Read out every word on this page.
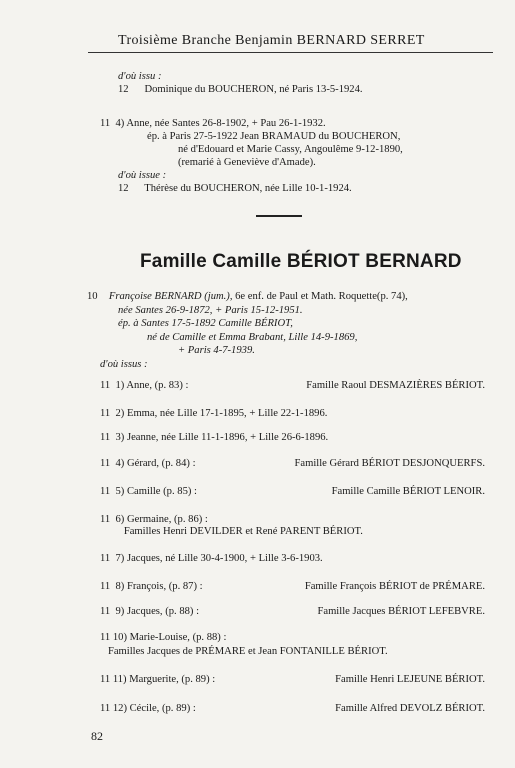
Troisième Branche Benjamin BERNARD SERRET
d'où issu :
12      Dominique du BOUCHERON, né Paris 13-5-1924.
11  4) Anne, née Santes 26-8-1902, + Pau 26-1-1932.
ép. à Paris 27-5-1922 Jean BRAMAUD du BOUCHERON,
né d'Edouard et Marie Cassy, Angoulême 9-12-1890,
(remarié à Geneviève d'Amade).
d'où issue :
12      Thérèse du BOUCHERON, née Lille 10-1-1924.
Famille Camille BÉRIOT BERNARD
10 Françoise BERNARD (jum.), 6e enf. de Paul et Math. Roquette(p. 74),
née Santes 26-9-1872, + Paris 15-12-1951.
ép. à Santes 17-5-1892 Camille BÉRIOT,
né de Camille et Emma Brabant, Lille 14-9-1869,
+ Paris 4-7-1939.
d'où issus :
11  1) Anne, (p. 83) :	Famille Raoul DESMAZIÈRES BÉRIOT.
11  2) Emma, née Lille 17-1-1895, + Lille 22-1-1896.
11  3) Jeanne, née Lille 11-1-1896, + Lille 26-6-1896.
11  4) Gérard, (p. 84) :	Famille Gérard BÉRIOT DESJONQUERFS.
11  5) Camille (p. 85) :	Famille Camille BÉRIOT LENOIR.
11  6) Germaine, (p. 86) :
Familles Henri DEVILDER et René PARENT BÉRIOT.
11  7) Jacques, né Lille 30-4-1900, + Lille 3-6-1903.
11  8) François, (p. 87) :	Famille François BÉRIOT de PRÉMARE.
11  9) Jacques, (p. 88) :	Famille Jacques BÉRIOT LEFEBVRE.
11 10) Marie-Louise, (p. 88) :
Familles Jacques de PRÉMARE et Jean FONTANILLE BÉRIOT.
11 11) Marguerite, (p. 89) :	Famille Henri LEJEUNE BÉRIOT.
11 12) Cécile, (p. 89) :	Famille Alfred DEVOLZ BÉRIOT.
82
